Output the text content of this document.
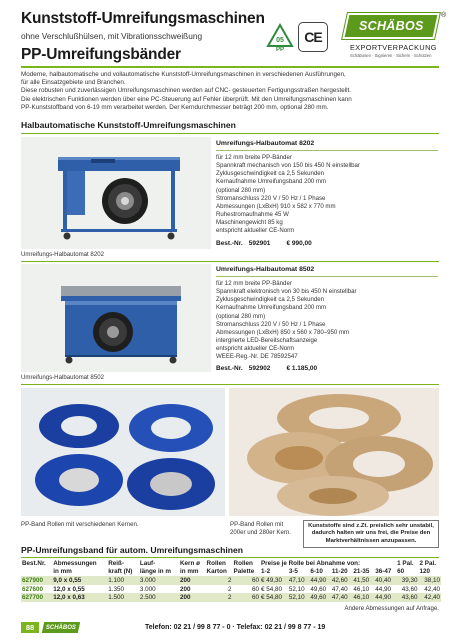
Kunststoff-Umreifungsmaschinen
ohne Verschlußhülsen, mit Vibrationsschweißung
PP-Umreifungsbänder
05
PP
CE
SCHÄBOS
®
EXPORTVERPACKUNG
Schäbosen · Signieren · Sichern · Schützen
Moderne, halbautomatische und vollautomatische Kunststoff-Umreifungsmaschinen in verschiedenen Ausführungen,
für alle Einsatzgebiete und Branchen.
Diese robusten und zuverlässigen Umreifungsmaschinen werden auf CNC- gesteuerten Fertigungsstraßen hergestellt.
Die elektrischen Funktionen werden über eine PC-Steuerung auf Fehler überprüft. Mit den Umreifungsmaschinen kann
PP-Kunststoffband von 6-19 mm verarbeitet werden. Der Kerndurchmesser beträgt 200 mm, optional 280 mm.
Halbautomatische Kunststoff-Umreifungsmaschinen
Umreifungs-Halbautomat 8202
Umreifungs-Halbautomat 8202
für 12 mm breite PP-Bänder
Spannkraft mechanisch von 150 bis 450 N einstellbar
Zyklusgeschwindigkeit ca 2,5 Sekunden
Kernaufnahme Umreifungsband 200 mm
(optional 280 mm)
Stromanschluss 220 V / 50 Hz / 1 Phase
Abmessungen (LxBxH) 910 x 582 x 770 mm
Ruhestromaufnahme 45 W
Maschinengewicht 85 kg
entspricht aktueller CE-Norm
Best.-Nr. 592901 € 990,00
Umreifungs-Halbautomat 8502
Umreifungs-Halbautomat 8502
für 12 mm breite PP-Bänder
Spannkraft elektronisch von 30 bis 450 N einstellbar
Zyklusgeschwindigkeit ca 2,5 Sekunden
Kernaufnahme Umreifungsband 200 mm
(optional 280 mm)
Stromanschluss 220 V / 50 Hz / 1 Phase
Abmessungen (LxBxH) 850 x 560 x 780–950 mm
intergrierte LED-Bereitschaftsanzeige
entspricht aktueller CE-Norm
WEEE-Reg.-Nr. DE 78592547
Best.-Nr. 592902 € 1.185,00
PP-Band Rollen mit verschiedenen Kernen.	PP-Band Rollen mit 200er und 280er Kern.
Kunststoffe sind z.Zt. preislich sehr unstabil, dadurch halten wir uns frei, die Preise den Marktverhältnissen anzupassen.
PP-Umreifungsband für autom. Umreifungsmaschinen
Best.Nr.	Abmessungen	Reiß-	Lauf-	Kern ø	Rollen	Rollen	Preise je Rolle bei Abnahme von:						1 Pal.	2 Pal.
	in mm	kraft (N)	länge in m	in mm	Karton	Palette	1-2	3-5	6-10	11-20	21-35	36-47	60	120
627900	9,0 x 0,55	1.100	3.000	200	2	60	€ 49,30	47,10	44,90	42,60	41,50	40,40	39,30	38,10
627600	12,0 x 0,55	1.350	3.000	200	2	60	€ 54,80	52,10	49,60	47,40	46,10	44,90	43,60	42,40
627700	12,0 x 0,63	1.500	2.500	200	2	60	€ 54,80	52,10	49,60	47,40	46,10	44,90	43,60	42,40
Andere Abmessungen auf Anfrage.
88 SCHÄBOS	Telefon: 02 21 / 99 8 77 - 0 · Telefax: 02 21 / 99 8 77 - 19
